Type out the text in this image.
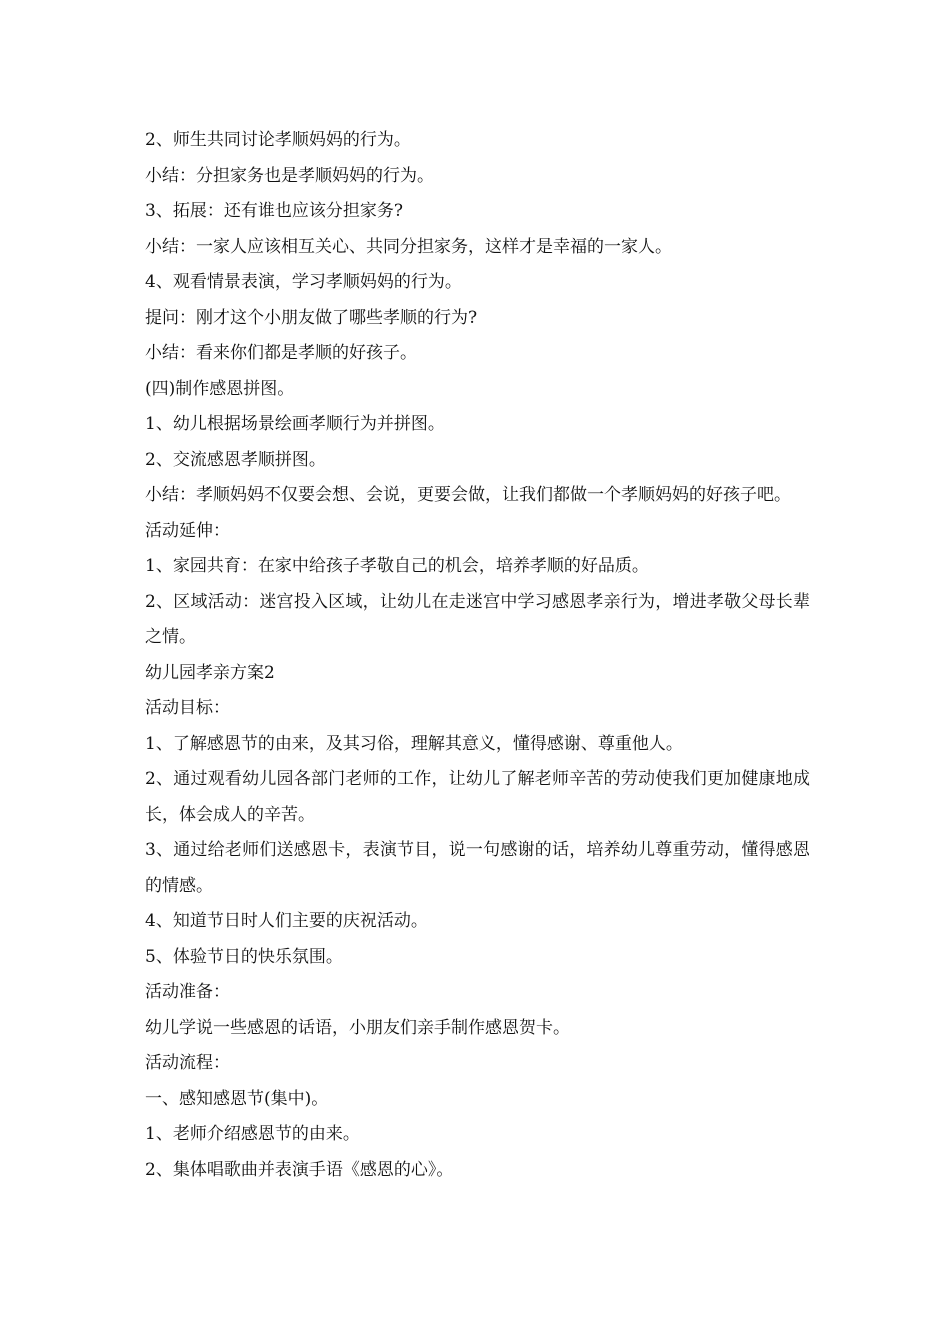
2、师生共同讨论孝顺妈妈的行为。

小结：分担家务也是孝顺妈妈的行为。

3、拓展：还有谁也应该分担家务?

小结：一家人应该相互关心、共同分担家务，这样才是幸福的一家人。

4、观看情景表演，学习孝顺妈妈的行为。

提问：刚才这个小朋友做了哪些孝顺的行为?

小结：看来你们都是孝顺的好孩子。

(四)制作感恩拼图。

1、幼儿根据场景绘画孝顺行为并拼图。

2、交流感恩孝顺拼图。

小结：孝顺妈妈不仅要会想、会说，更要会做，让我们都做一个孝顺妈妈的好孩子吧。

活动延伸：

1、家园共育：在家中给孩子孝敬自己的机会，培养孝顺的好品质。

2、区域活动：迷宫投入区域，让幼儿在走迷宫中学习感恩孝亲行为，增进孝敬父母长辈之情。

幼儿园孝亲方案2

活动目标：

1、了解感恩节的由来，及其习俗，理解其意义，懂得感谢、尊重他人。

2、通过观看幼儿园各部门老师的工作，让幼儿了解老师辛苦的劳动使我们更加健康地成长，体会成人的辛苦。

3、通过给老师们送感恩卡，表演节目，说一句感谢的话，培养幼儿尊重劳动，懂得感恩的情感。

4、知道节日时人们主要的庆祝活动。

5、体验节日的快乐氛围。

活动准备：

幼儿学说一些感恩的话语，小朋友们亲手制作感恩贺卡。

活动流程：

一、感知感恩节(集中)。

1、老师介绍感恩节的由来。

2、集体唱歌曲并表演手语《感恩的心》。
